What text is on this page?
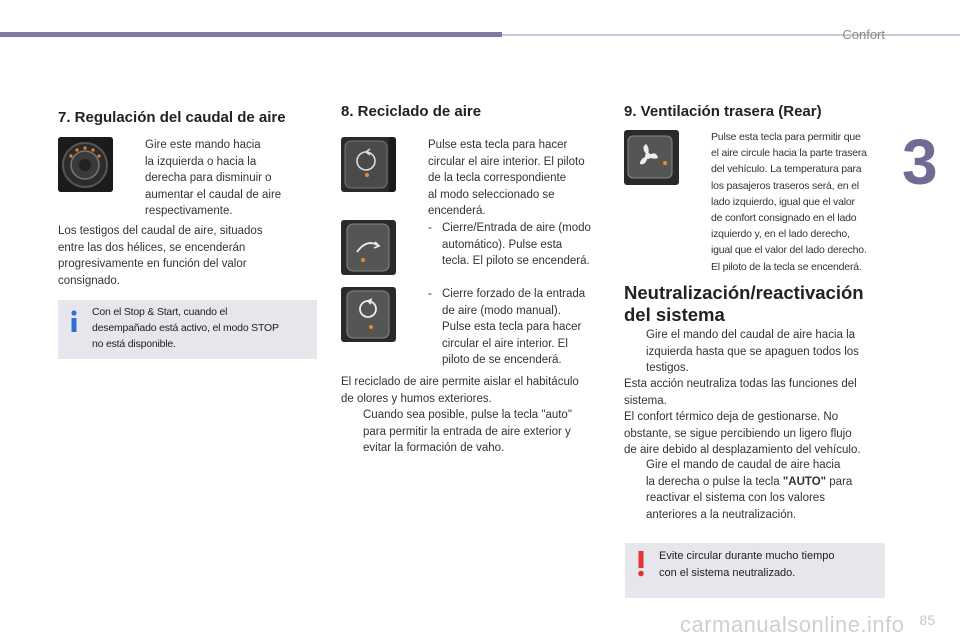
Confort
3
7. Regulación del caudal de aire
Gire este mando hacia
la izquierda o hacia la
derecha para disminuir o
aumentar el caudal de aire
respectivamente.
Los testigos del caudal de aire, situados
entre las dos hélices, se encenderán
progresivamente en función del valor
consignado.
Con el Stop & Start, cuando el
desempañado está activo, el modo STOP
no está disponible.
8. Reciclado de aire
Pulse esta tecla para hacer
circular el aire interior. El piloto
de la tecla correspondiente
al modo seleccionado se
encenderá.
- Cierre/Entrada de aire (modo
automático). Pulse esta
tecla. El piloto se encenderá.
- Cierre forzado de la entrada
de aire (modo manual).
Pulse esta tecla para hacer
circular el aire interior. El
piloto de se encenderá.
El reciclado de aire permite aislar el habitáculo
de olores y humos exteriores.
Cuando sea posible, pulse la tecla "auto"
para permitir la entrada de aire exterior y
evitar la formación de vaho.
9. Ventilación trasera (Rear)
Pulse esta tecla para permitir que
el aire circule hacia la parte trasera
del vehículo. La temperatura para
los pasajeros traseros será, en el
lado izquierdo, igual que el valor
de confort consignado en el lado
izquierdo y, en el lado derecho,
igual que el valor del lado derecho.
El piloto de la tecla se encenderá.
Neutralización/reactivación
del sistema
Gire el mando del caudal de aire hacia la
izquierda hasta que se apaguen todos los
testigos.
Esta acción neutraliza todas las funciones del
sistema.
El confort térmico deja de gestionarse. No
obstante, se sigue percibiendo un ligero flujo
de aire debido al desplazamiento del vehículo.
Gire el mando de caudal de aire hacia
la derecha o pulse la tecla "AUTO" para
reactivar el sistema con los valores
anteriores a la neutralización.
Evite circular durante mucho tiempo
con el sistema neutralizado.
carmanualsonline.info 85
